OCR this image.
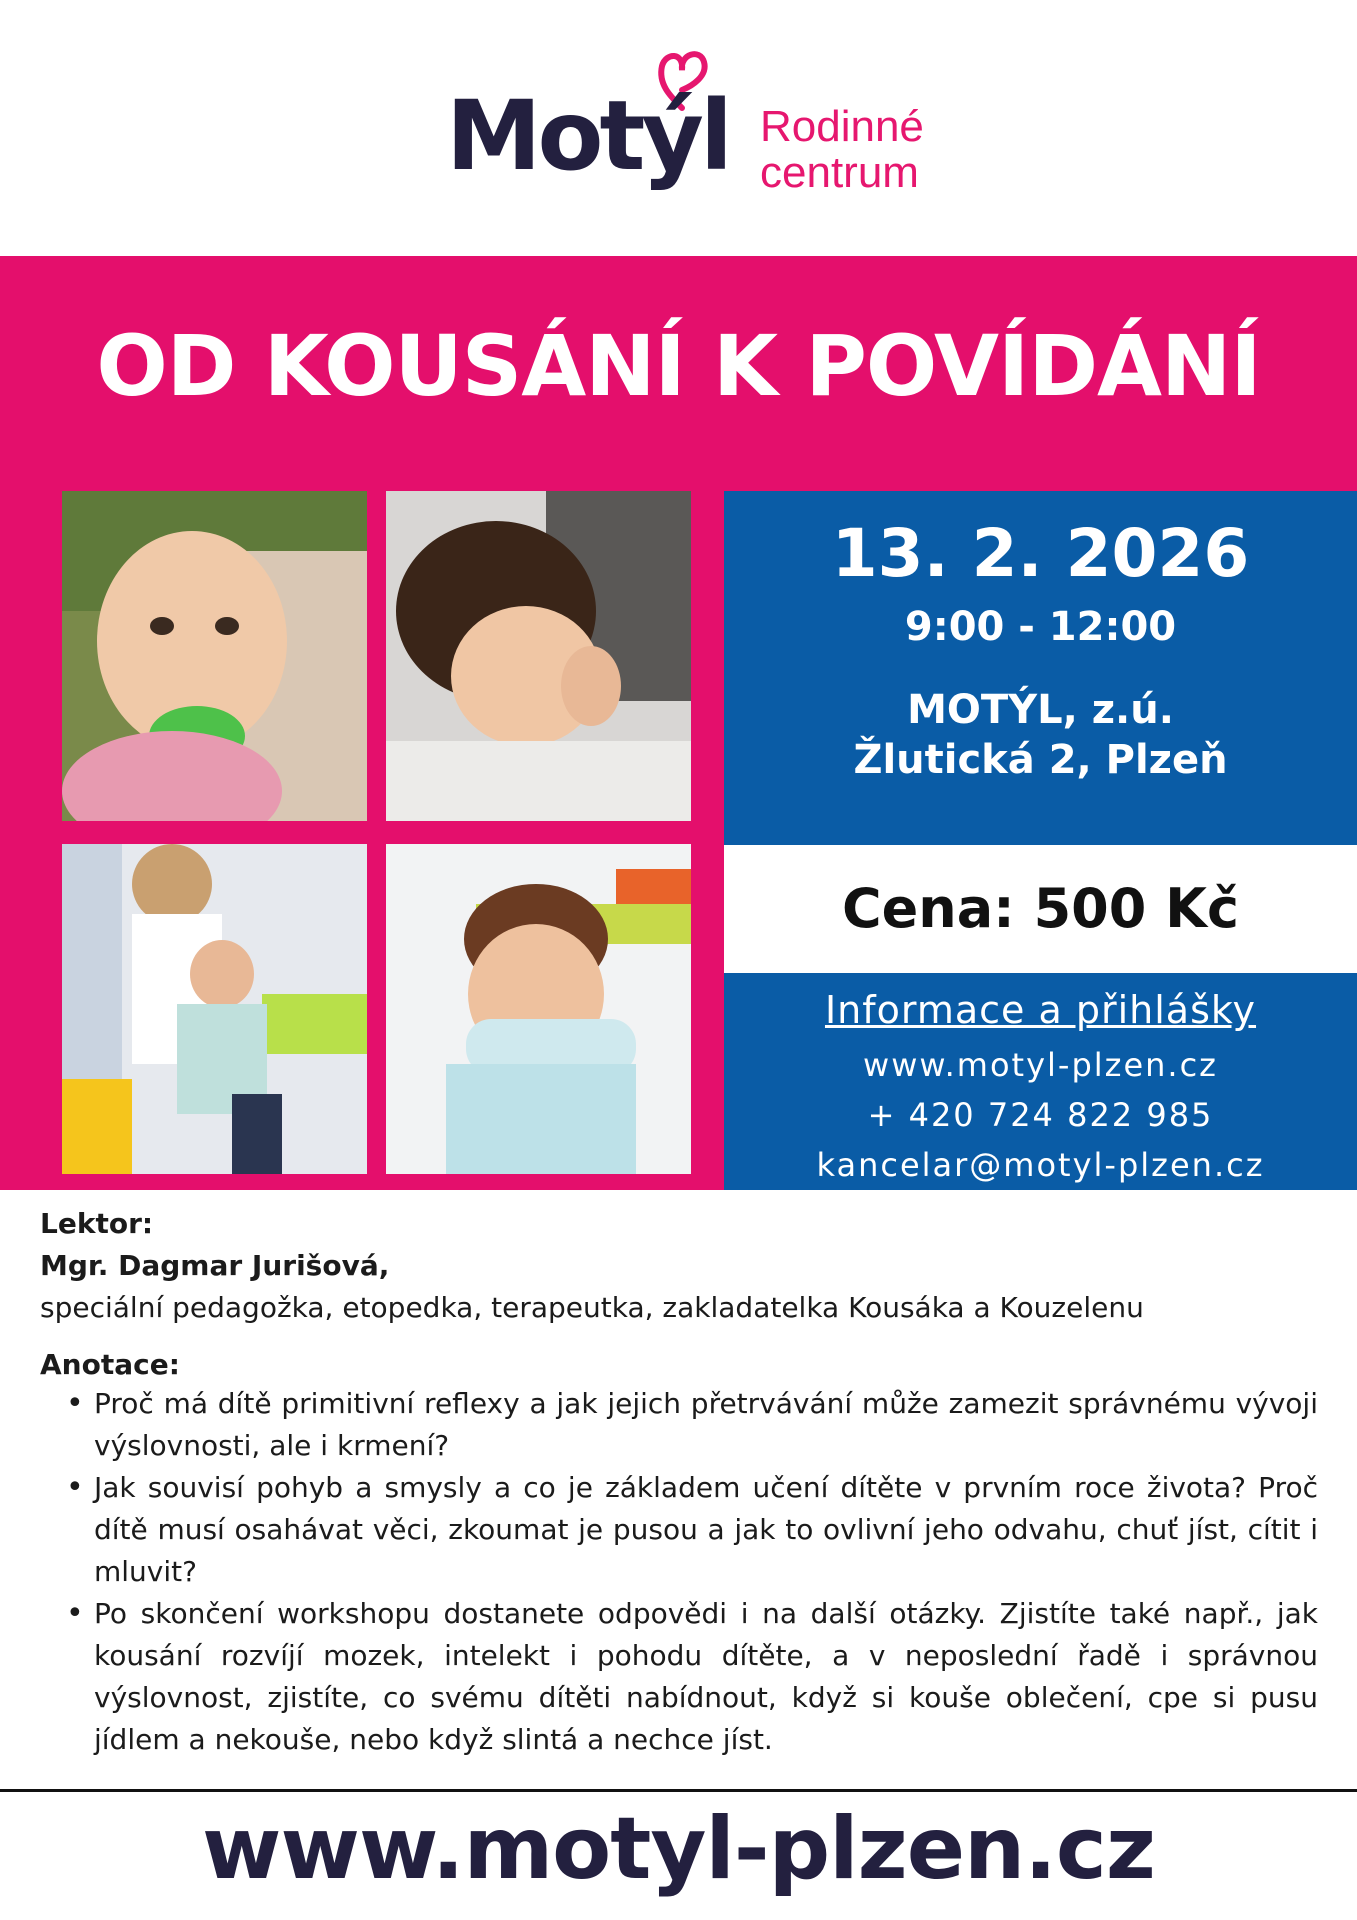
Motýl Rodinné
centrum
OD KOUSÁNÍ K POVÍDÁNÍ
13. 2. 2026
9:00 - 12:00
MOTÝL, z.ú.
Žlutická 2, Plzeň
Cena: 500 Kč
Informace a přihlášky
www.motyl-plzen.cz
+ 420 724 822 985
kancelar@motyl-plzen.cz
Lektor:
Mgr. Dagmar Jurišová,
speciální pedagožka, etopedka, terapeutka, zakladatelka Kousáka a Kouzelenu
Anotace:
• Proč má dítě primitivní reflexy a jak jejich přetrvávání může zamezit správnému vývoji výslovnosti, ale i krmení?
• Jak souvisí pohyb a smysly a co je základem učení dítěte v prvním roce života? Proč dítě musí osahávat věci, zkoumat je pusou a jak to ovlivní jeho odvahu, chuť jíst, cítit i mluvit?
• Po skončení workshopu dostanete odpovědi i na další otázky. Zjistíte také např., jak kousání rozvíjí mozek, intelekt i pohodu dítěte, a v neposlední řadě i správnou výslovnost, zjistíte, co svému dítěti nabídnout, když si kouše oblečení, cpe si pusu jídlem a nekouše, nebo když slintá a nechce jíst.
www.motyl-plzen.cz
